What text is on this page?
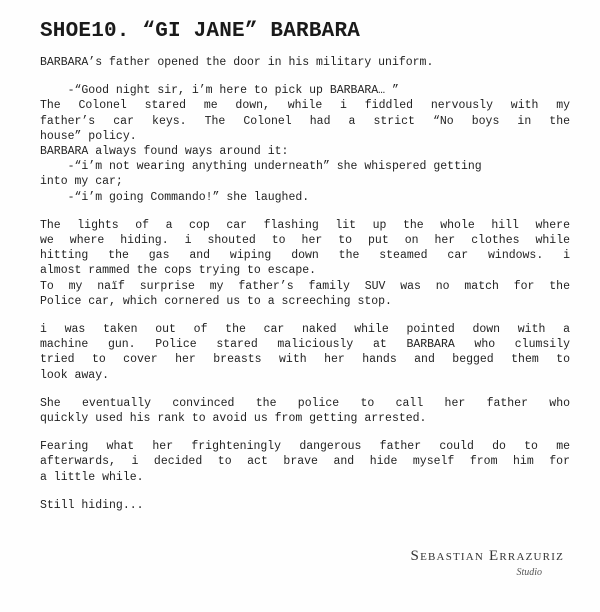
SHOE10. “GI JANE” BARBARA
BARBARA’s father opened the door in his military uniform.
-“Good night sir, i’m here to pick up BARBARA… ”
The Colonel stared me down, while i fiddled nervously with my
father’s car keys. The Colonel had a strict “No boys in the
house” policy.
BARBARA always found ways around it:
-“i’m not wearing anything underneath” she whispered getting
into my car;
-“i’m going Commando!” she laughed.
The lights of a cop car flashing lit up the whole hill where
we where hiding. i shouted to her to put on her clothes while
hitting the gas and wiping down the steamed car windows. i
almost rammed the cops trying to escape.
To my naïf surprise my father’s family SUV was no match for the
Police car, which cornered us to a screeching stop.
i was taken out of the car naked while pointed down with a
machine gun. Police stared maliciously at BARBARA who clumsily
tried to cover her breasts with her hands and begged them to
look away.
She eventually convinced the police to call her father who
quickly used his rank to avoid us from getting arrested.
Fearing what her frighteningly dangerous father could do to me
afterwards, i decided to act brave and hide myself from him for
a little while.
Still hiding...
Sebastian Errazuriz
Studio
